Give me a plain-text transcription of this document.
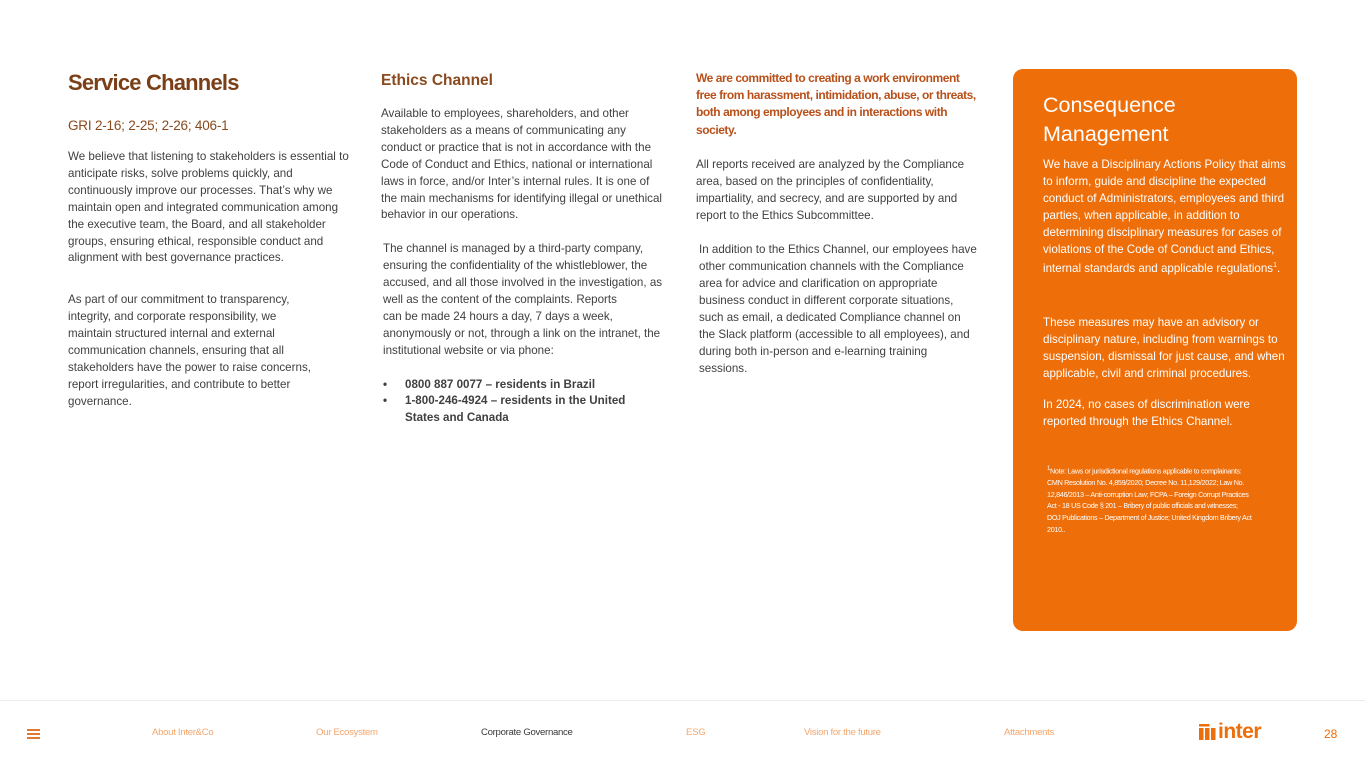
Service Channels
GRI 2-16; 2-25; 2-26; 406-1

We believe that listening to stakeholders is essential to anticipate risks, solve problems quickly, and continuously improve our processes. That’s why we maintain open and integrated communication among the executive team, the Board, and all stakeholder groups, ensuring ethical, responsible conduct and alignment with best governance practices.

As part of our commitment to transparency, integrity, and corporate responsibility, we maintain structured internal and external communication channels, ensuring that all stakeholders have the power to raise concerns, report irregularities, and contribute to better governance.

Ethics Channel

Available to employees, shareholders, and other stakeholders as a means of communicating any conduct or practice that is not in accordance with the Code of Conduct and Ethics, national or international laws in force, and/or Inter’s internal rules. It is one of the main mechanisms for identifying illegal or unethical behavior in our operations.

The channel is managed by a third-party company, ensuring the confidentiality of the whistleblower, the accused, and all those involved in the investigation, as well as the content of the complaints. Reports

can be made 24 hours a day, 7 days a week, anonymously or not, through a link on the intranet, the institutional website or via phone:

• 0800 887 0077 – residents in Brazil
• 1-800-246-4924 – residents in the United States and Canada

We are committed to creating a work environment free from harassment, intimidation, abuse, or threats, both among employees and in interactions with society.

All reports received are analyzed by the Compliance area, based on the principles of confidentiality, impartiality, and secrecy, and are supported by and report to the Ethics Subcommittee.

In addition to the Ethics Channel, our employees have other communication channels with the Compliance area for advice and clarification on appropriate business conduct in different corporate situations, such as email, a dedicated Compliance channel on the Slack platform (accessible to all employees), and during both in-person and e-learning training sessions.

Consequence Management

We have a Disciplinary Actions Policy that aims to inform, guide and discipline the expected conduct of Administrators, employees and third parties, when applicable, in addition to determining disciplinary measures for cases of violations of the Code of Conduct and Ethics, internal standards and applicable regulations$^1$.

These measures may have an advisory or disciplinary nature, including from warnings to suspension, dismissal for just cause, and when applicable, civil and criminal procedures.

In 2024, no cases of discrimination were reported through the Ethics Channel.

$^1$Note: Laws or jurisdictional regulations applicable to complainants: CMN Resolution No. 4,859/2020; Decree No. 11,129/2022; Law No. 12,846/2013 – Anti-corruption Law; FCPA – Foreign Corrupt Practices Act - 18 US Code § 201 – Bribery of public officials and witnesses; DOJ Publications – Department of Justice; United Kingdom Bribery Act 2010..

About Inter&Co	Our Ecosystem	Corporate Governance	ESG	Vision for the future	Attachments	inter	28
